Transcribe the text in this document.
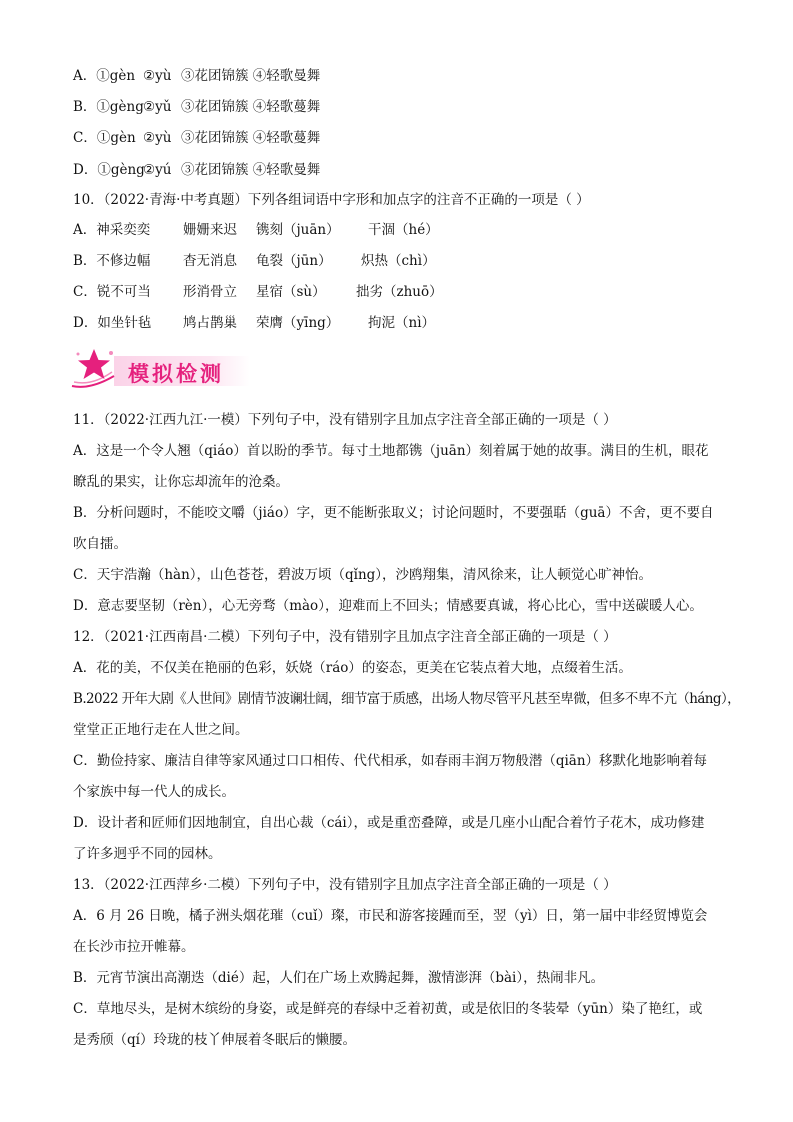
A．①gèn ②yù ③花团锦簇 ④轻歌曼舞
B．①gèng②yǔ ③花团锦簇 ④轻歌蔓舞
C．①gèn ②yù ③花团锦簇 ④轻歌蔓舞
D．①gèng②yú ③花团锦簇 ④轻歌曼舞
10．（2022·青海·中考真题）下列各组词语中字形和加点字的注音不正确的一项是（ ）
A．神采奕奕 姗姗来迟 镌刻（juān） 干涸（hé）
B．不修边幅 杳无消息 龟裂（jūn） 炽热（chì）
C．锐不可当 形消骨立 星宿（sù） 拙劣（zhuō）
D．如坐针毡 鸠占鹊巢 荣膺（yīng） 拘泥（nì）
模拟检测
11．（2022·江西九江·一模）下列句子中，没有错别字且加点字注音全部正确的一项是（ ）
A．这是一个令人翘（qiáo）首以盼的季节。每寸土地都镌（juān）刻着属于她的故事。满目的生机，眼花
瞭乱的果实，让你忘却流年的沧桑。
B．分析问题时，不能咬文嚼（jiáo）字，更不能断张取义；讨论问题时，不要强聒（guā）不舍，更不要自
吹自擂。
C．天宇浩瀚（hàn），山色苍苍，碧波万顷（qǐng），沙鸥翔集，清风徐来，让人顿觉心旷神怡。
D．意志要坚韧（rèn），心无旁骛（mào），迎难而上不回头；情感要真诚，将心比心，雪中送碳暖人心。
12．（2021·江西南昌·二模）下列句子中，没有错别字且加点字注音全部正确的一项是（ ）
A．花的美，不仅美在艳丽的色彩，妖娆（ráo）的姿态，更美在它装点着大地，点缀着生活。
B.2022 开年大剧《人世间》剧情节波谰壮阔，细节富于质感，出场人物尽管平凡甚至卑微，但多不卑不亢（háng），
堂堂正正地行走在人世之间。
C．勤俭持家、廉洁自律等家风通过口口相传、代代相承，如春雨丰润万物般潜（qiān）移默化地影响着每
个家族中每一代人的成长。
D．设计者和匠师们因地制宜，自出心裁（cái），或是重峦叠障，或是几座小山配合着竹子花木，成功修建
了许多迥乎不同的园林。
13．（2022·江西萍乡·二模）下列句子中，没有错别字且加点字注音全部正确的一项是（ ）
A．6 月 26 日晚，橘子洲头烟花璀（cuǐ）璨，市民和游客接踵而至，翌（yì）日，第一届中非经贸博览会
在长沙市拉开帷幕。
B．元宵节演出高潮迭（dié）起，人们在广场上欢腾起舞，激情澎湃（bài），热闹非凡。
C．草地尽头，是树木缤纷的身姿，或是鲜亮的春绿中乏着初黄，或是依旧的冬装晕（yūn）染了艳红，或
是秀颀（qí）玲珑的枝丫伸展着冬眠后的懒腰。
